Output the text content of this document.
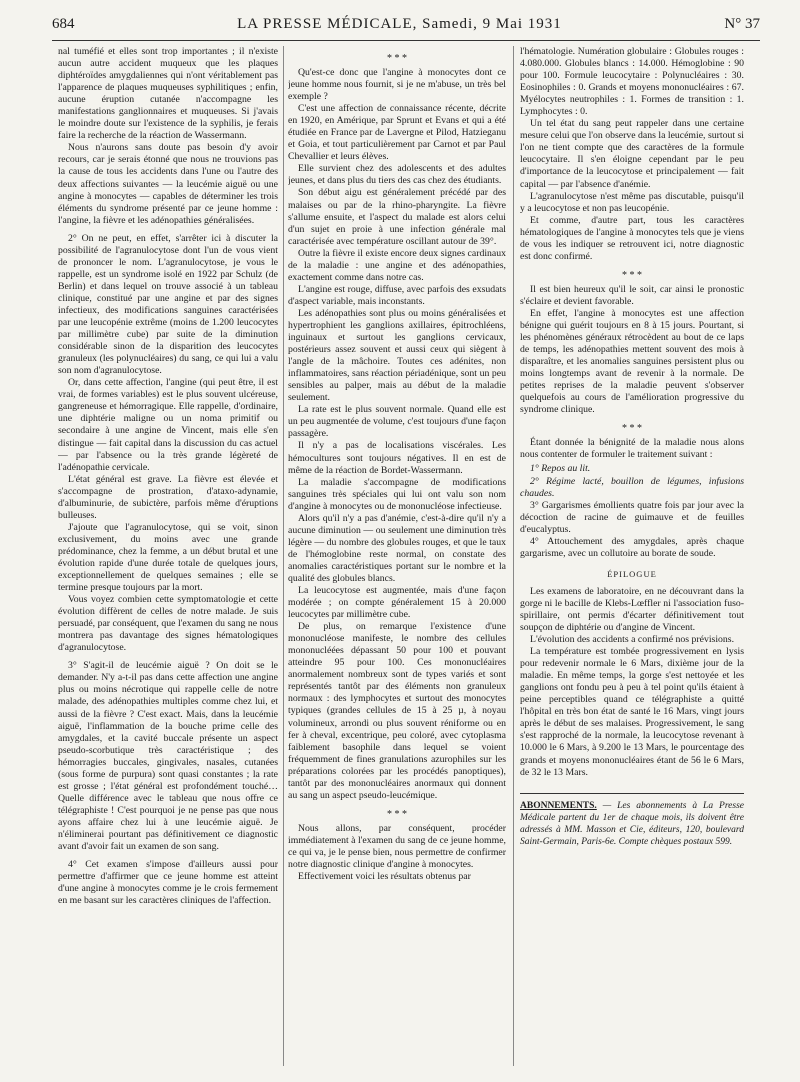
684	LA PRESSE MÉDICALE, Samedi, 9 Mai 1931	N° 37

nal tuméfié et elles sont trop importantes ; il n'existe aucun autre accident muqueux que les plaques diphtéroïdes amygdaliennes qui n'ont véritablement pas l'apparence de plaques muqueuses syphilitiques ; enfin, aucune éruption cutanée n'accompagne les manifestations ganglionnaires et muqueuses. Si j'avais le moindre doute sur l'existence de la syphilis, je ferais faire la recherche de la réaction de Wassermann.

Nous n'aurons sans doute pas besoin d'y avoir recours, car je serais étonné que nous ne trouvions pas la cause de tous les accidents dans l'une ou l'autre des deux affections suivantes — la leucémie aiguë ou une angine à monocytes — capables de déterminer les trois éléments du syndrome présenté par ce jeune homme : l'angine, la fièvre et les adénopathies généralisées.

2° On ne peut, en effet, s'arrêter ici à discuter la possibilité de l'agranulocytose dont l'un de vous vient de prononcer le nom. L'agranulocytose, je vous le rappelle, est un syndrome isolé en 1922 par Schulz (de Berlin) et dans lequel on trouve associé à un tableau clinique, constitué par une angine et par des signes infectieux, des modifications sanguines caractérisées par une leucopénie extrême (moins de 1.200 leucocytes par millimètre cube) par suite de la diminution considérable sinon de la disparition des leucocytes granuleux (les polynucléaires) du sang, ce qui lui a valu son nom d'agranulocytose.

Or, dans cette affection, l'angine (qui peut être, il est vrai, de formes variables) est le plus souvent ulcéreuse, gangreneuse et hémorragique. Elle rappelle, d'ordinaire, une diphtérie maligne ou un noma primitif ou secondaire à une angine de Vincent, mais elle s'en distingue — fait capital dans la discussion du cas actuel — par l'absence ou la très grande légèreté de l'adénopathie cervicale.

L'état général est grave. La fièvre est élevée et s'accompagne de prostration, d'ataxo-adynamie, d'albuminurie, de subictère, parfois même d'éruptions bulleuses.

J'ajoute que l'agranulocytose, qui se voit, sinon exclusivement, du moins avec une grande prédominance, chez la femme, a un début brutal et une évolution rapide d'une durée totale de quelques jours, exceptionnellement de quelques semaines ; elle se termine presque toujours par la mort.

Vous voyez combien cette symptomatologie et cette évolution diffèrent de celles de notre malade. Je suis persuadé, par conséquent, que l'examen du sang ne nous montrera pas davantage des signes hématologiques d'agranulocytose.

3° S'agit-il de leucémie aiguë ? On doit se le demander. N'y a-t-il pas dans cette affection une angine plus ou moins nécrotique qui rappelle celle de notre malade, des adénopathies multiples comme chez lui, et aussi de la fièvre ? C'est exact. Mais, dans la leucémie aiguë, l'inflammation de la bouche prime celle des amygdales, et la cavité buccale présente un aspect pseudo-scorbutique très caractéristique ; des hémorragies buccales, gingivales, nasales, cutanées (sous forme de purpura) sont quasi constantes ; la rate est grosse ; l'état général est profondément touché… Quelle différence avec le tableau que nous offre ce télégraphiste ! C'est pourquoi je ne pense pas que nous ayons affaire chez lui à une leucémie aiguë. Je n'éliminerai pourtant pas définitivement ce diagnostic avant d'avoir fait un examen de son sang.

4° Cet examen s'impose d'ailleurs aussi pour permettre d'affirmer que ce jeune homme est atteint d'une angine à monocytes comme je le crois fermement en me basant sur les caractères cliniques de l'affection.

* * *

Qu'est-ce donc que l'angine à monocytes dont ce jeune homme nous fournit, si je ne m'abuse, un très bel exemple ?

C'est une affection de connaissance récente, décrite en 1920, en Amérique, par Sprunt et Evans et qui a été étudiée en France par de Lavergne et Pilod, Hatzieganu et Goia, et tout particulièrement par Carnot et par Paul Chevallier et leurs élèves.

Elle survient chez des adolescents et des adultes jeunes, et dans plus du tiers des cas chez des étudiants.

Son début aigu est généralement précédé par des malaises ou par de la rhino-pharyngite. La fièvre s'allume ensuite, et l'aspect du malade est alors celui d'un sujet en proie à une infection générale mal caractérisée avec température oscillant autour de 39°.

Outre la fièvre il existe encore deux signes cardinaux de la maladie : une angine et des adénopathies, exactement comme dans notre cas.

L'angine est rouge, diffuse, avec parfois des exsudats d'aspect variable, mais inconstants.

Les adénopathies sont plus ou moins généralisées et hypertrophient les ganglions axillaires, épitrochléens, inguinaux et surtout les ganglions cervicaux, postérieurs assez souvent et aussi ceux qui siègent à l'angle de la mâchoire. Toutes ces adénites, non inflammatoires, sans réaction périadénique, sont un peu sensibles au palper, mais au début de la maladie seulement.

La rate est le plus souvent normale. Quand elle est un peu augmentée de volume, c'est toujours d'une façon passagère.

Il n'y a pas de localisations viscérales. Les hémocultures sont toujours négatives. Il en est de même de la réaction de Bordet-Wassermann.

La maladie s'accompagne de modifications sanguines très spéciales qui lui ont valu son nom d'angine à monocytes ou de mononucléose infectieuse.

Alors qu'il n'y a pas d'anémie, c'est-à-dire qu'il n'y a aucune diminution — ou seulement une diminution très légère — du nombre des globules rouges, et que le taux de l'hémoglobine reste normal, on constate des anomalies caractéristiques portant sur le nombre et la qualité des globules blancs.

La leucocytose est augmentée, mais d'une façon modérée ; on compte généralement 15 à 20.000 leucocytes par millimètre cube.

De plus, on remarque l'existence d'une mononucléose manifeste, le nombre des cellules mononucléées dépassant 50 pour 100 et pouvant atteindre 95 pour 100. Ces mononucléaires anormalement nombreux sont de types variés et sont représentés tantôt par des éléments non granuleux normaux : des lymphocytes et surtout des monocytes typiques (grandes cellules de 15 à 25 µ, à noyau volumineux, arrondi ou plus souvent réniforme ou en fer à cheval, excentrique, peu coloré, avec cytoplasma faiblement basophile dans lequel se voient fréquemment de fines granulations azurophiles sur les préparations colorées par les procédés panoptiques), tantôt par des mononucléaires anormaux qui donnent au sang un aspect pseudo-leucémique.

* * *

Nous allons, par conséquent, procéder immédiatement à l'examen du sang de ce jeune homme, ce qui va, je le pense bien, nous permettre de confirmer notre diagnostic clinique d'angine à monocytes.

Effectivement voici les résultats obtenus par

l'hématologie. Numération globulaire : Globules rouges : 4.080.000. Globules blancs : 14.000. Hémoglobine : 90 pour 100. Formule leucocytaire : Polynucléaires : 30. Eosinophiles : 0. Grands et moyens mononucléaires : 67. Myélocytes neutrophiles : 1. Formes de transition : 1. Lymphocytes : 0.

Un tel état du sang peut rappeler dans une certaine mesure celui que l'on observe dans la leucémie, surtout si l'on ne tient compte que des caractères de la formule leucocytaire. Il s'en éloigne cependant par le peu d'importance de la leucocytose et principalement — fait capital — par l'absence d'anémie.

L'agranulocytose n'est même pas discutable, puisqu'il y a leucocytose et non pas leucopénie.

Et comme, d'autre part, tous les caractères hématologiques de l'angine à monocytes tels que je viens de vous les indiquer se retrouvent ici, notre diagnostic est donc confirmé.

* * *

Il est bien heureux qu'il le soit, car ainsi le pronostic s'éclaire et devient favorable.

En effet, l'angine à monocytes est une affection bénigne qui guérit toujours en 8 à 15 jours. Pourtant, si les phénomènes généraux rétrocèdent au bout de ce laps de temps, les adénopathies mettent souvent des mois à disparaître, et les anomalies sanguines persistent plus ou moins longtemps avant de revenir à la normale. De petites reprises de la maladie peuvent s'observer quelquefois au cours de l'amélioration progressive du syndrome clinique.

* * *

Étant donnée la bénignité de la maladie nous alons nous contenter de formuler le traitement suivant :

1° Repos au lit.
2° Régime lacté, bouillon de légumes, infusions chaudes.
3° Gargarismes émollients quatre fois par jour avec la décoction de racine de guimauve et de feuilles d'eucalyptus.
4° Attouchement des amygdales, après chaque gargarisme, avec un collutoire au borate de soude.
ÉPILOGUE

Les examens de laboratoire, en ne découvrant dans la gorge ni le bacille de Klebs-Lœffler ni l'association fuso-spirillaire, ont permis d'écarter définitivement tout soupçon de diphtérie ou d'angine de Vincent.

L'évolution des accidents a confirmé nos prévisions.

La température est tombée progressivement en lysis pour redevenir normale le 6 Mars, dixième jour de la maladie. En même temps, la gorge s'est nettoyée et les ganglions ont fondu peu à peu à tel point qu'ils étaient à peine perceptibles quand ce télégraphiste a quitté l'hôpital en très bon état de santé le 16 Mars, vingt jours après le début de ses malaises. Progressivement, le sang s'est rapproché de la normale, la leucocytose revenant à 10.000 le 6 Mars, à 9.200 le 13 Mars, le pourcentage des grands et moyens mononucléaires étant de 56 le 6 Mars, de 32 le 13 Mars.

ABONNEMENTS. — Les abonnements à La Presse Médicale partent du 1er de chaque mois, ils doivent être adressés à MM. Masson et Cie, éditeurs, 120, boulevard Saint-Germain, Paris-6e. Compte chèques postaux 599.
